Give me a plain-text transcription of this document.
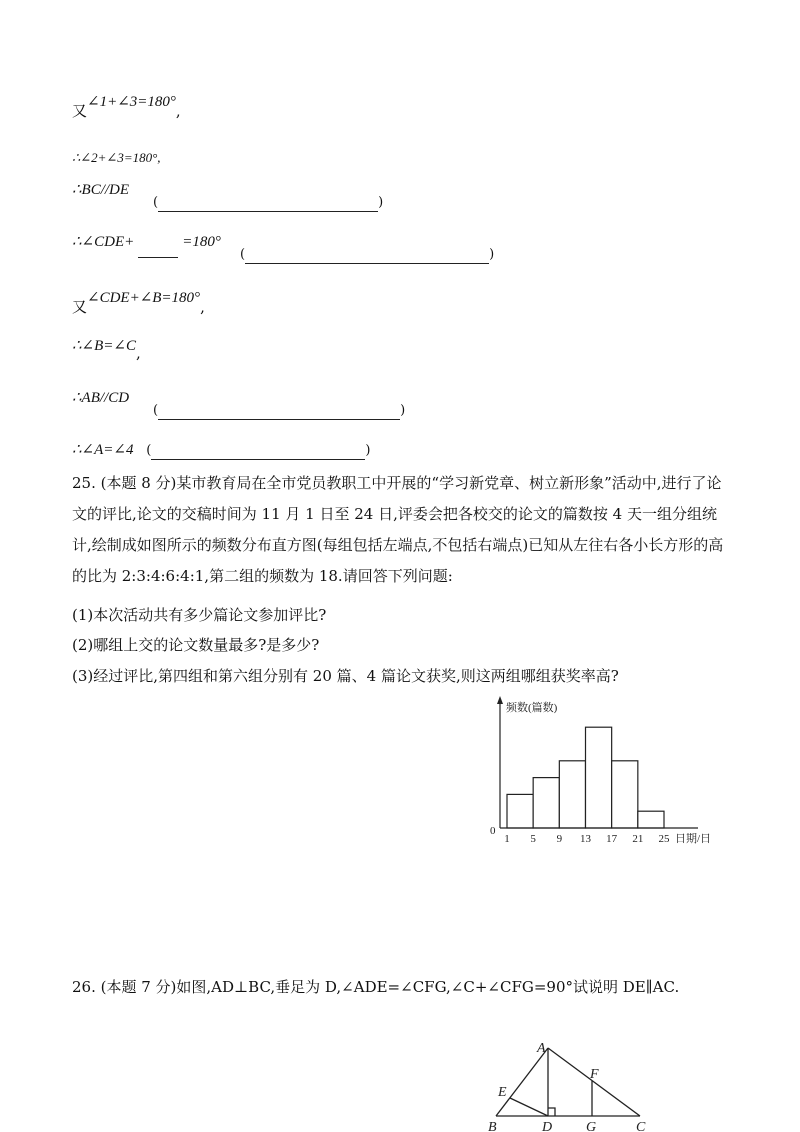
又∠1+∠3=180°,
∴∠2+∠3=180°,
∴BC//DE
(	)
∴∠CDE+	=180°
(	)
又∠CDE+∠B=180°,
∴∠B=∠C,
∴AB//CD
(	)
∴∠A=∠4 (	)
25. (本题 8 分)某市教育局在全市党员教职工中开展的“学习新党章、树立新形象”活动中,进行了论文的评比,论文的交稿时间为 11 月 1 日至 24 日,评委会把各校交的论文的篇数按 4 天一组分组统计,绘制成如图所示的频数分布直方图(每组包括左端点,不包括右端点)已知从左往右各小长方形的高的比为 2:3:4:6:4:1,第二组的频数为 18.请回答下列问题:
(1)本次活动共有多少篇论文参加评比?
(2)哪组上交的论文数量最多?是多少?
(3)经过评比,第四组和第六组分别有 20 篇、4 篇论文获奖,则这两组哪组获奖率高?
1 5 9 13 17 21 25
0
频数(篇数)
日期/日
26. (本题 7 分)如图,AD⊥BC,垂足为 D,∠ADE=∠CFG,∠C+∠CFG=90°试说明 DE∥AC.
A
E
F
B	D G	C
